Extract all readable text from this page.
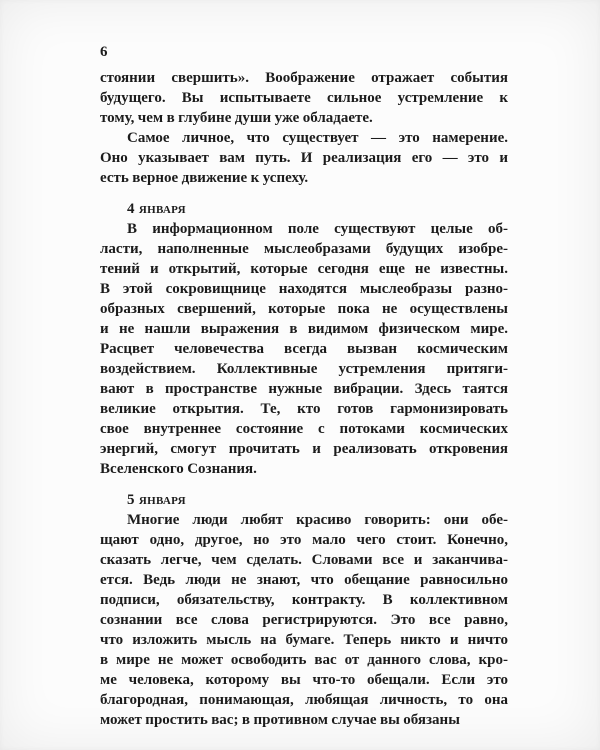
6
стоянии свершить». Воображение отражает события
будущего. Вы испытываете сильное устремление к
тому, чем в глубине души уже обладаете.
Самое личное, что существует — это намерение.
Оно указывает вам путь. И реализация его — это и
есть верное движение к успеху.
4 января
В информационном поле существуют целые об-
ласти, наполненные мыслеобразами будущих изобре-
тений и открытий, которые сегодня еще не известны.
В этой сокровищнице находятся мыслеобразы разно-
образных свершений, которые пока не осуществлены
и не нашли выражения в видимом физическом мире.
Расцвет человечества всегда вызван космическим
воздействием. Коллективные устремления притяги-
вают в пространстве нужные вибрации. Здесь таятся
великие открытия. Те, кто готов гармонизировать
свое внутреннее состояние с потоками космических
энергий, смогут прочитать и реализовать откровения
Вселенского Сознания.
5 января
Многие люди любят красиво говорить: они обе-
щают одно, другое, но это мало чего стоит. Конечно,
сказать легче, чем сделать. Словами все и заканчива-
ется. Ведь люди не знают, что обещание равносильно
подписи, обязательству, контракту. В коллективном
сознании все слова регистрируются. Это все равно,
что изложить мысль на бумаге. Теперь никто и ничто
в мире не может освободить вас от данного слова, кро-
ме человека, которому вы что-то обещали. Если это
благородная, понимающая, любящая личность, то она
может простить вас; в противном случае вы обязаны
